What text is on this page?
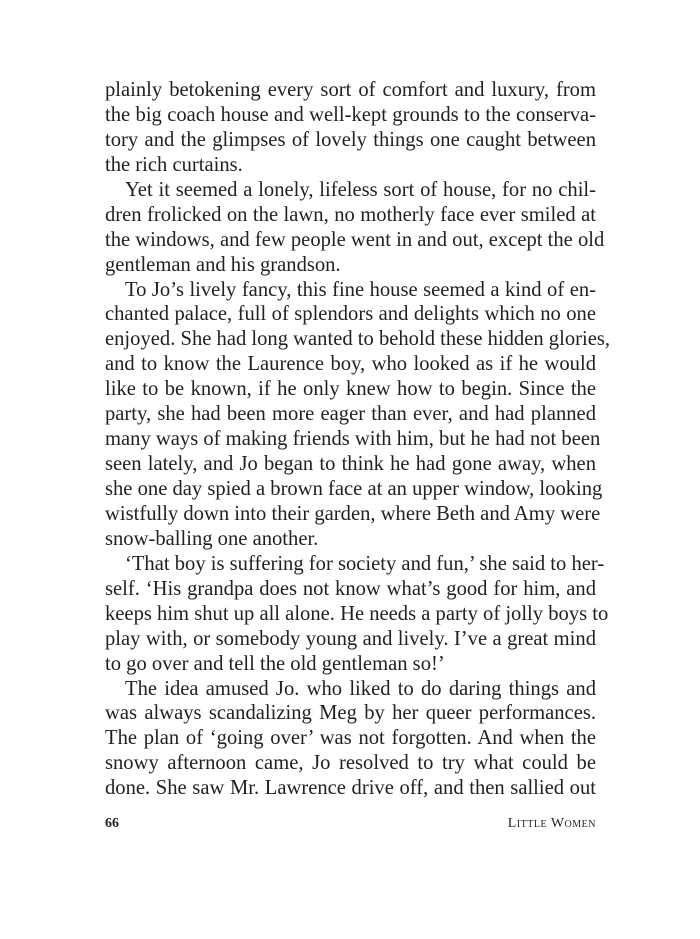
plainly betokening every sort of comfort and luxury, from
the big coach house and well-kept grounds to the conserva-
tory and the glimpses of lovely things one caught between
the rich curtains.
Yet it seemed a lonely, lifeless sort of house, for no chil-
dren frolicked on the lawn, no motherly face ever smiled at
the windows, and few people went in and out, except the old
gentleman and his grandson.
To Jo’s lively fancy, this fine house seemed a kind of en-
chanted palace, full of splendors and delights which no one
enjoyed. She had long wanted to behold these hidden glories,
and to know the Laurence boy, who looked as if he would
like to be known, if he only knew how to begin. Since the
party, she had been more eager than ever, and had planned
many ways of making friends with him, but he had not been
seen lately, and Jo began to think he had gone away, when
she one day spied a brown face at an upper window, looking
wistfully down into their garden, where Beth and Amy were
snow-balling one another.
‘That boy is suffering for society and fun,’ she said to her-
self. ‘His grandpa does not know what’s good for him, and
keeps him shut up all alone. He needs a party of jolly boys to
play with, or somebody young and lively. I’ve a great mind
to go over and tell the old gentleman so!’
The idea amused Jo. who liked to do daring things and
was always scandalizing Meg by her queer performances.
The plan of ‘going over’ was not forgotten. And when the
snowy afternoon came, Jo resolved to try what could be
done. She saw Mr. Lawrence drive off, and then sallied out
66	Little Women
